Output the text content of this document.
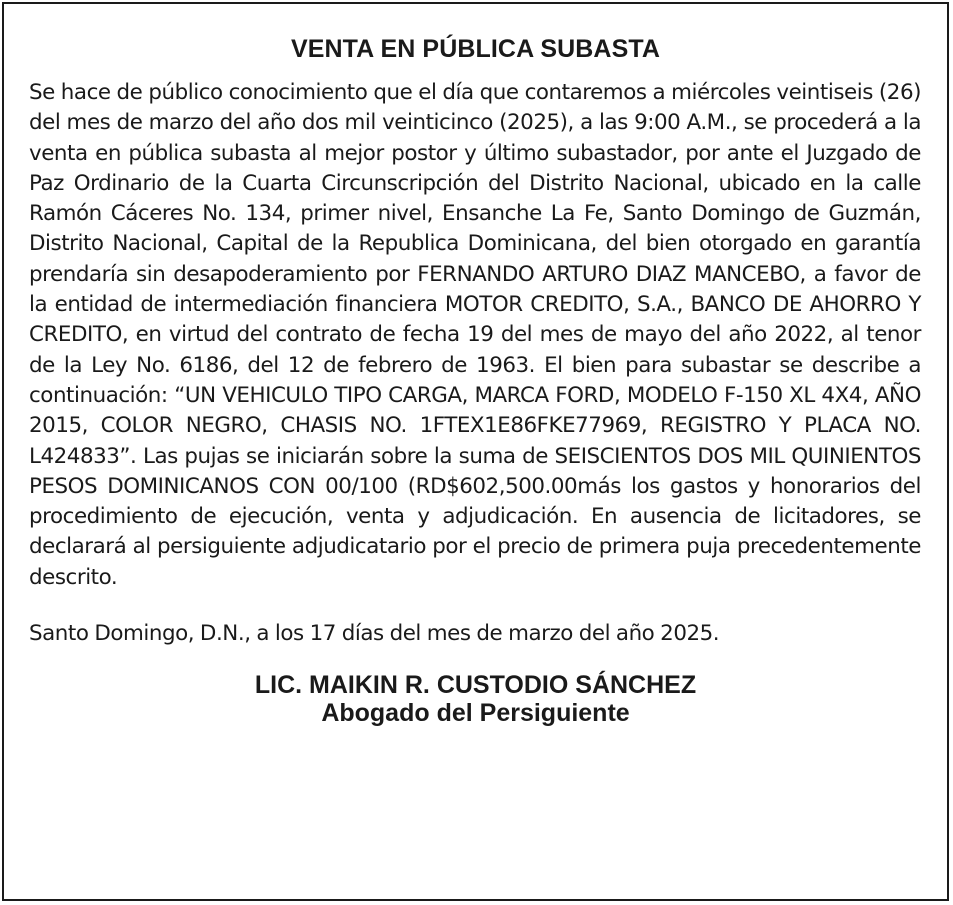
VENTA EN PÚBLICA SUBASTA
Se hace de público conocimiento que el día que contaremos a miércoles veintiseis (26) del mes de marzo del año dos mil veinticinco (2025), a las 9:00 A.M., se procederá a la venta en pública subasta al mejor postor y último subastador, por ante el Juzgado de Paz Ordinario de la Cuarta Circunscripción del Distrito Nacional, ubicado en la calle Ramón Cáceres No. 134, primer nivel, Ensanche La Fe, Santo Domingo de Guzmán, Distrito Nacional, Capital de la Republica Dominicana, del bien otorgado en garantía prendaría sin desapoderamiento por FERNANDO ARTURO DIAZ MANCEBO, a favor de la entidad de intermediación financiera MOTOR CREDITO, S.A., BANCO DE AHORRO Y CREDITO, en virtud del contrato de fecha 19 del mes de mayo del año 2022, al tenor de la Ley No. 6186, del 12 de febrero de 1963. El bien para subastar se describe a continuación: “UN VEHICULO TIPO CARGA, MARCA FORD, MODELO F-150 XL 4X4, AÑO 2015, COLOR NEGRO, CHASIS NO. 1FTEX1E86FKE77969, REGISTRO Y PLACA NO. L424833”. Las pujas se iniciarán sobre la suma de SEISCIENTOS DOS MIL QUINIENTOS PESOS DOMINICANOS CON 00/100 (RD$602,500.00más los gastos y honorarios del procedimiento de ejecución, venta y adjudicación. En ausencia de licitadores, se declarará al persiguiente adjudicatario por el precio de primera puja precedentemente descrito.
Santo Domingo, D.N., a los 17 días del mes de marzo del año 2025.
LIC. MAIKIN R. CUSTODIO SÁNCHEZ
Abogado del Persiguiente
